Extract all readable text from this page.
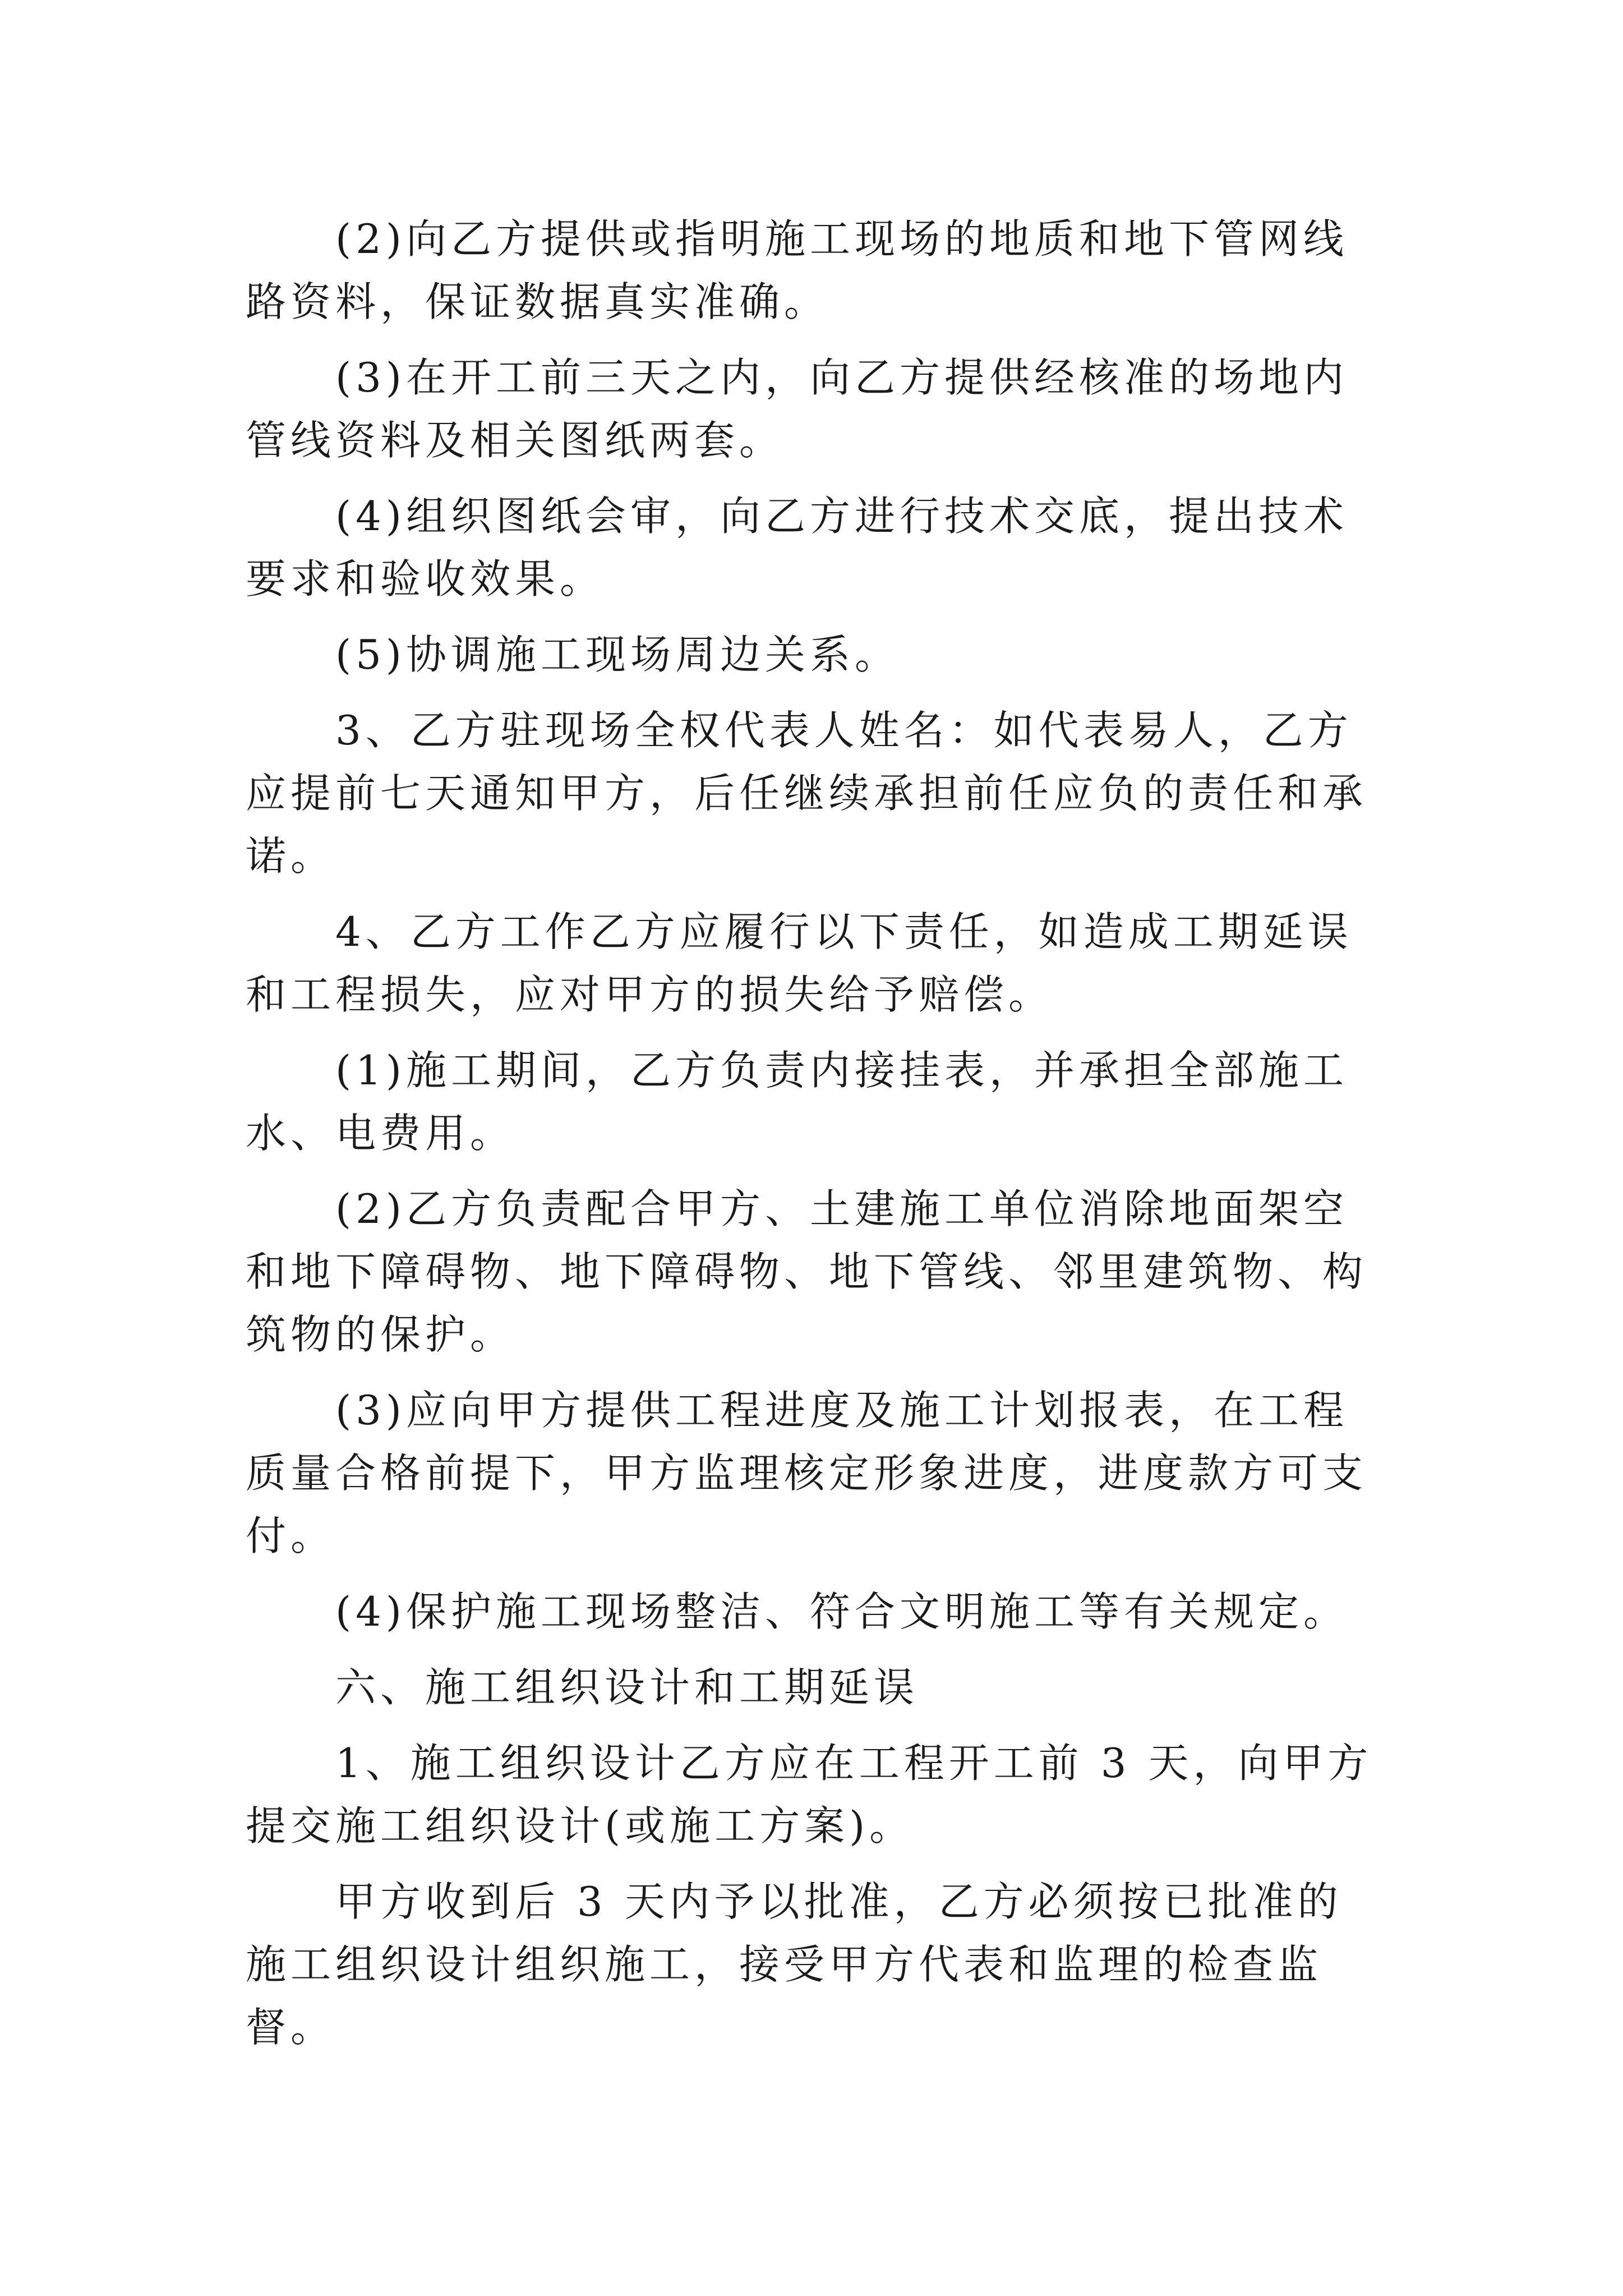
(2)向乙方提供或指明施工现场的地质和地下管网线路资料，保证数据真实准确。

(3)在开工前三天之内，向乙方提供经核准的场地内管线资料及相关图纸两套。

(4)组织图纸会审，向乙方进行技术交底，提出技术要求和验收效果。

(5)协调施工现场周边关系。

3、乙方驻现场全权代表人姓名：如代表易人，乙方应提前七天通知甲方，后任继续承担前任应负的责任和承诺。

4、乙方工作乙方应履行以下责任，如造成工期延误和工程损失，应对甲方的损失给予赔偿。

(1)施工期间，乙方负责内接挂表，并承担全部施工水、电费用。

(2)乙方负责配合甲方、土建施工单位消除地面架空和地下障碍物、地下障碍物、地下管线、邻里建筑物、构筑物的保护。

(3)应向甲方提供工程进度及施工计划报表，在工程质量合格前提下，甲方监理核定形象进度，进度款方可支付。

(4)保护施工现场整洁、符合文明施工等有关规定。

六、施工组织设计和工期延误

1、施工组织设计乙方应在工程开工前 3 天，向甲方提交施工组织设计(或施工方案)。

甲方收到后 3 天内予以批准，乙方必须按已批准的施工组织设计组织施工，接受甲方代表和监理的检查监督。
